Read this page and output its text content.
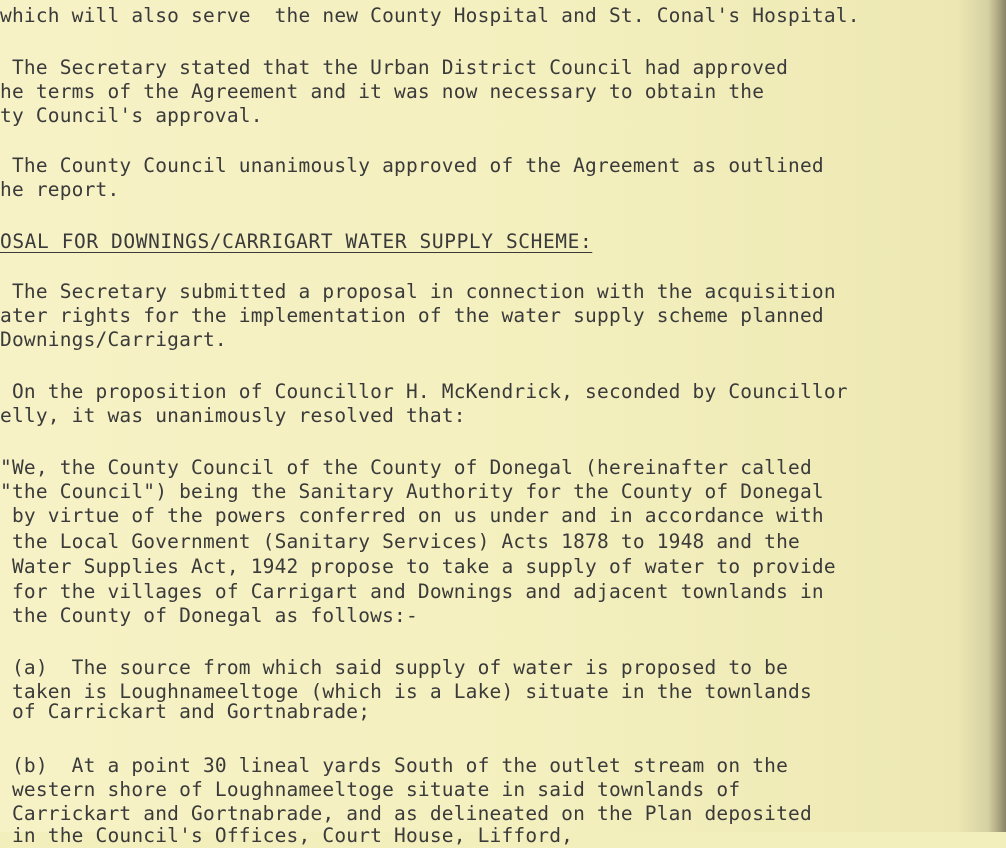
which will also serve  the new County Hospital and St. Conal's Hospital.
The Secretary stated that the Urban District Council had approved
he terms of the Agreement and it was now necessary to obtain the
ty Council's approval.
The County Council unanimously approved of the Agreement as outlined
he report.
OSAL FOR DOWNINGS/CARRIGART WATER SUPPLY SCHEME:
The Secretary submitted a proposal in connection with the acquisition
ater rights for the implementation of the water supply scheme planned
Downings/Carrigart.
On the proposition of Councillor H. McKendrick, seconded by Councillor
elly, it was unanimously resolved that:
"We, the County Council of the County of Donegal (hereinafter called
"the Council") being the Sanitary Authority for the County of Donegal
by virtue of the powers conferred on us under and in accordance with
the Local Government (Sanitary Services) Acts 1878 to 1948 and the
Water Supplies Act, 1942 propose to take a supply of water to provide
for the villages of Carrigart and Downings and adjacent townlands in
the County of Donegal as follows:-
(a)  The source from which said supply of water is proposed to be
taken is Loughnameeltoge (which is a Lake) situate in the townlands
of Carrickart and Gortnabrade;
(b)  At a point 30 lineal yards South of the outlet stream on the
western shore of Loughnameeltoge situate in said townlands of
Carrickart and Gortnabrade, and as delineated on the Plan deposited
in the Council's Offices, Court House, Lifford,
